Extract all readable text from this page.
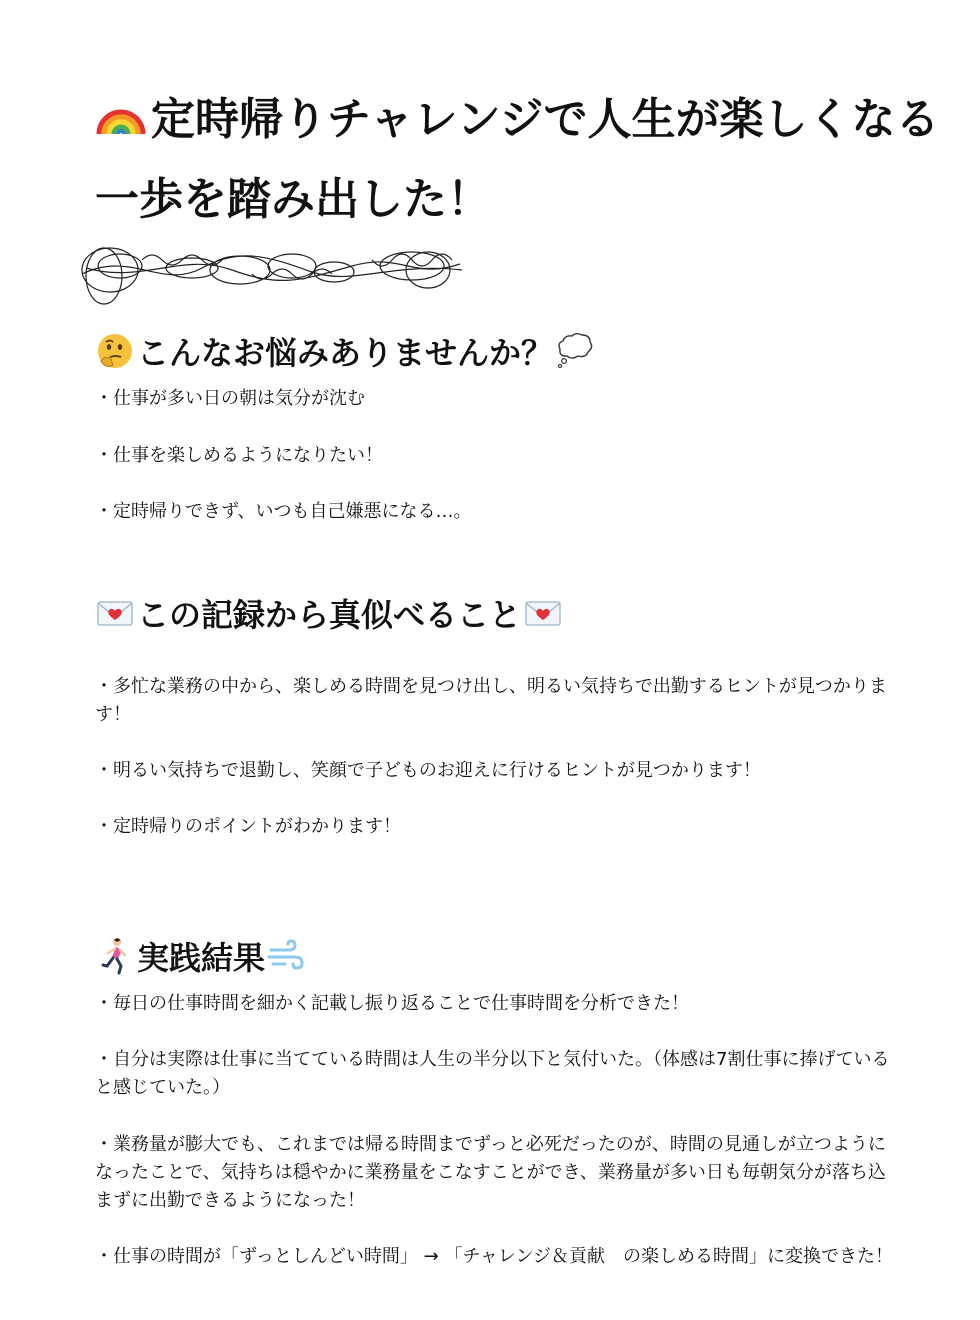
定時帰りチャレンジで人生が楽しくなる
一歩を踏み出した！
こんなお悩みありませんか？
・仕事が多い日の朝は気分が沈む
・仕事を楽しめるようになりたい！
・定時帰りできず、いつも自己嫌悪になる…。
この記録から真似べること
・多忙な業務の中から、楽しめる時間を見つけ出し、明るい気持ちで出勤するヒントが見つかります！
・明るい気持ちで退勤し、笑顔で子どものお迎えに行けるヒントが見つかります！
・定時帰りのポイントがわかります！
実践結果
・毎日の仕事時間を細かく記載し振り返ることで仕事時間を分析できた！
・自分は実際は仕事に当てている時間は人生の半分以下と気付いた。（体感は7割仕事に捧げていると感じていた。）
・業務量が膨大でも、これまでは帰る時間までずっと必死だったのが、時間の見通しが立つようになったことで、気持ちは穏やかに業務量をこなすことができ、業務量が多い日も毎朝気分が落ち込まずに出勤できるようになった！
・仕事の時間が「ずっとしんどい時間」 → 「チャレンジ＆貢献　の楽しめる時間」に変換できた！
